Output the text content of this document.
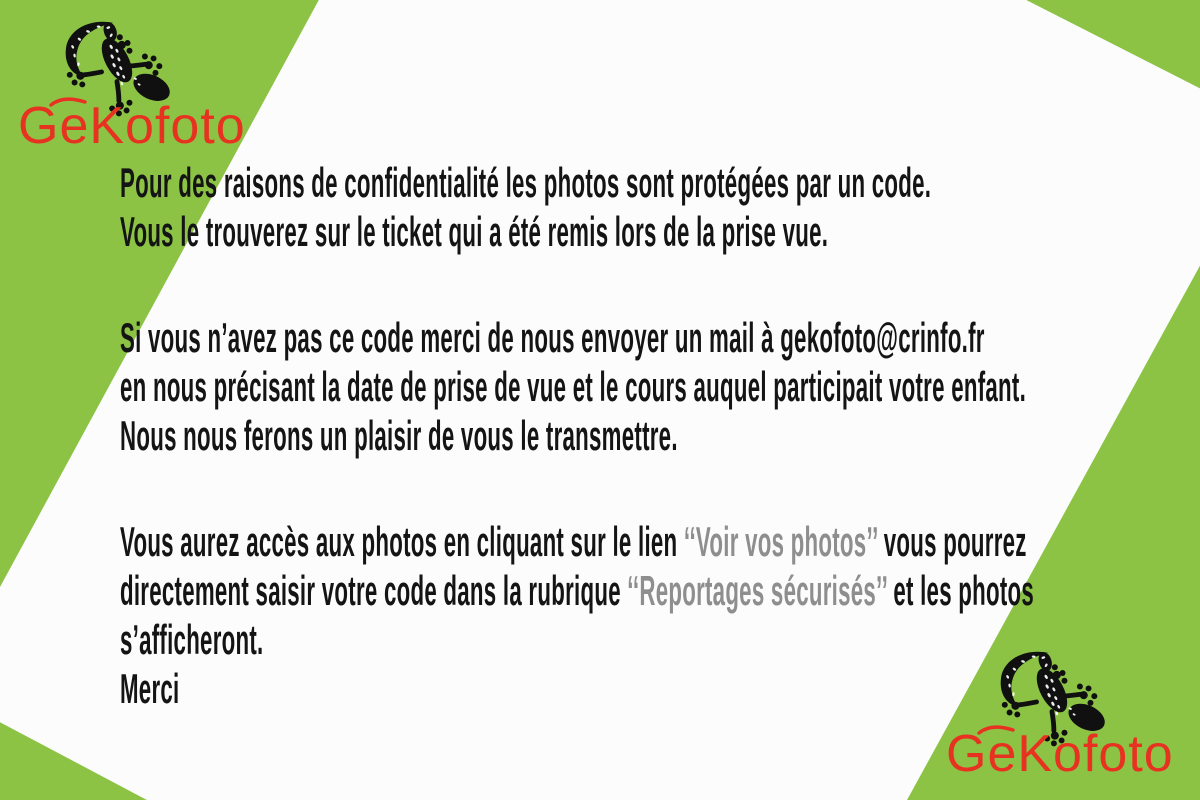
GeKofoto
GeKofoto
Pour des raisons de confidentialité les photos sont protégées par un code.
Vous le trouverez sur le ticket qui a été remis lors de la prise vue.
Si vous n’avez pas ce code merci de nous envoyer un mail à gekofoto@crinfo.fr
en nous précisant la date de prise de vue et le cours auquel participait votre enfant.
Nous nous ferons un plaisir de vous le transmettre.
Vous aurez accès aux photos en cliquant sur le lien ‘‘Voir vos photos’’ vous pourrez
directement saisir votre code dans la rubrique ‘‘Reportages sécurisés’’ et les photos
s’afficheront.
Merci
